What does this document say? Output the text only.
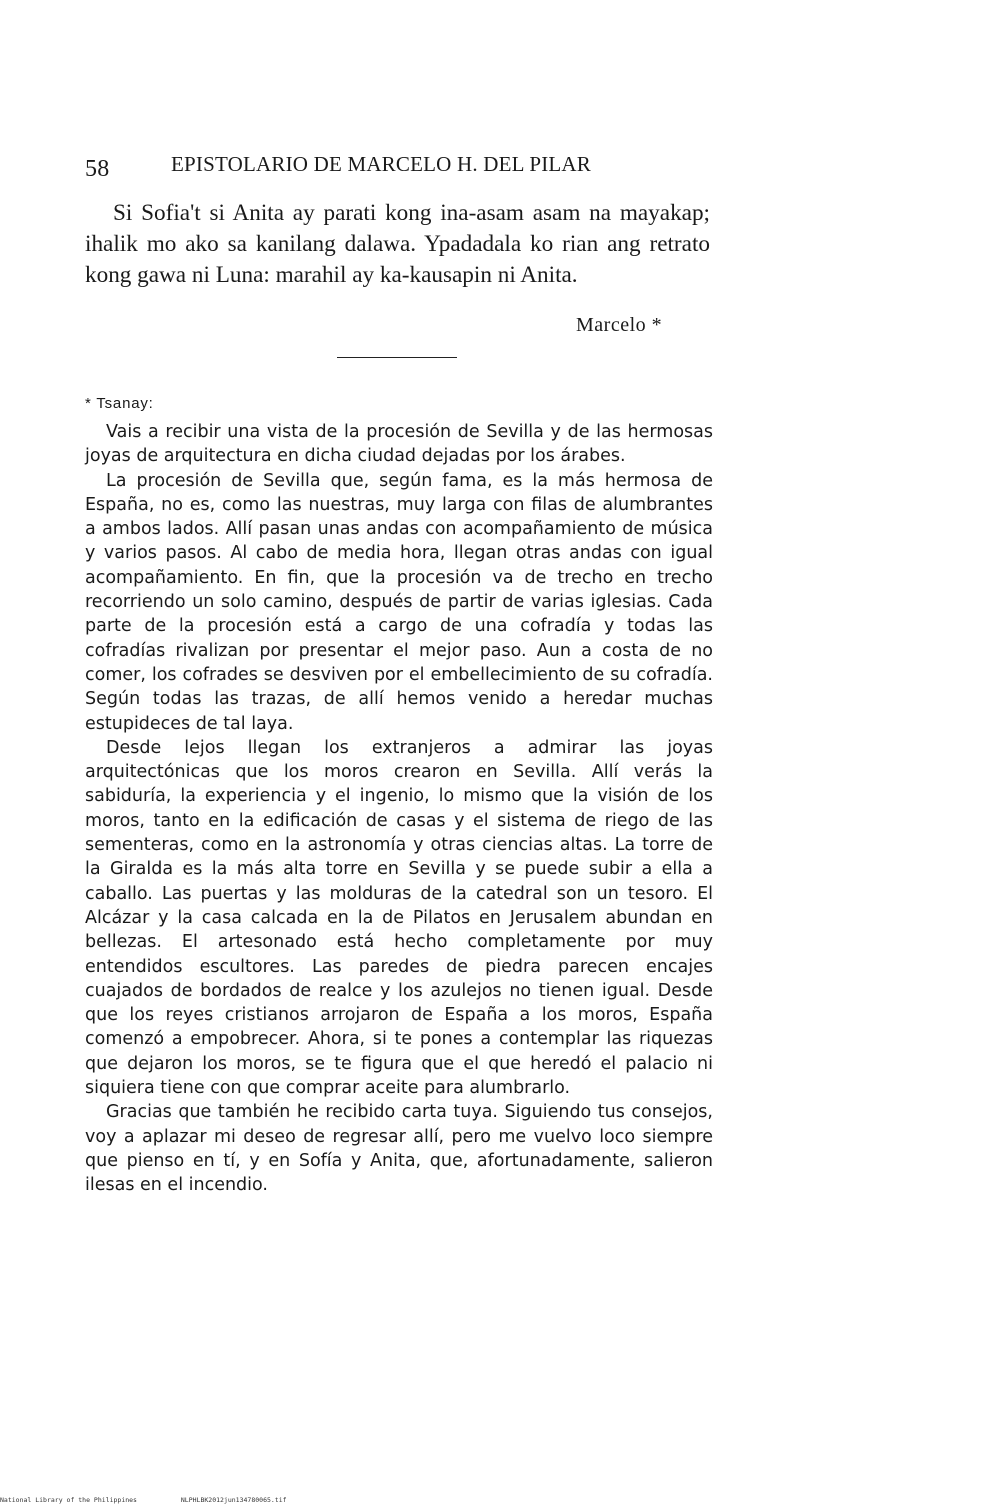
58	EPISTOLARIO DE MARCELO H. DEL PILAR

Si Sofia't si Anita ay parati kong ina-asam asam na mayakap; ihalik mo ako sa kanilang dalawa. Ypadadala ko rian ang retrato kong gawa ni Luna: marahil ay ka-kausapin ni Anita.

Marcelo *
* Tsanay:

Vais a recibir una vista de la procesión de Sevilla y de las hermosas joyas de arquitectura en dicha ciudad dejadas por los árabes.

La procesión de Sevilla que, según fama, es la más hermosa de España, no es, como las nuestras, muy larga con filas de alumbrantes a ambos lados. Allí pasan unas andas con acompañamiento de música y varios pasos. Al cabo de media hora, llegan otras andas con igual acompañamiento. En fin, que la procesión va de trecho en trecho recorriendo un solo camino, después de partir de varias iglesias. Cada parte de la procesión está a cargo de una cofradía y todas las cofradías rivalizan por presentar el mejor paso. Aun a costa de no comer, los cofrades se desviven por el embellecimiento de su cofradía. Según todas las trazas, de allí hemos venido a heredar muchas estupideces de tal laya.

Desde lejos llegan los extranjeros a admirar las joyas arquitectónicas que los moros crearon en Sevilla. Allí verás la sabiduría, la experiencia y el ingenio, lo mismo que la visión de los moros, tanto en la edificación de casas y el sistema de riego de las sementeras, como en la astronomía y otras ciencias altas. La torre de la Giralda es la más alta torre en Sevilla y se puede subir a ella a caballo. Las puertas y las molduras de la catedral son un tesoro. El Alcázar y la casa calcada en la de Pilatos en Jerusalem abundan en bellezas. El artesonado está hecho completamente por muy entendidos escultores. Las paredes de piedra parecen encajes cuajados de bordados de realce y los azulejos no tienen igual. Desde que los reyes cristianos arrojaron de España a los moros, España comenzó a empobrecer. Ahora, si te pones a contemplar las riquezas que dejaron los moros, se te figura que el que heredó el palacio ni siquiera tiene con que comprar aceite para alumbrarlo.

Gracias que también he recibido carta tuya. Siguiendo tus consejos, voy a aplazar mi deseo de regresar allí, pero me vuelvo loco siempre que pienso en tí, y en Sofía y Anita, que, afortunadamente, salieron ilesas en el incendio.

National Library of the Philippines	NLPHLBK2012jun134780065.tif
